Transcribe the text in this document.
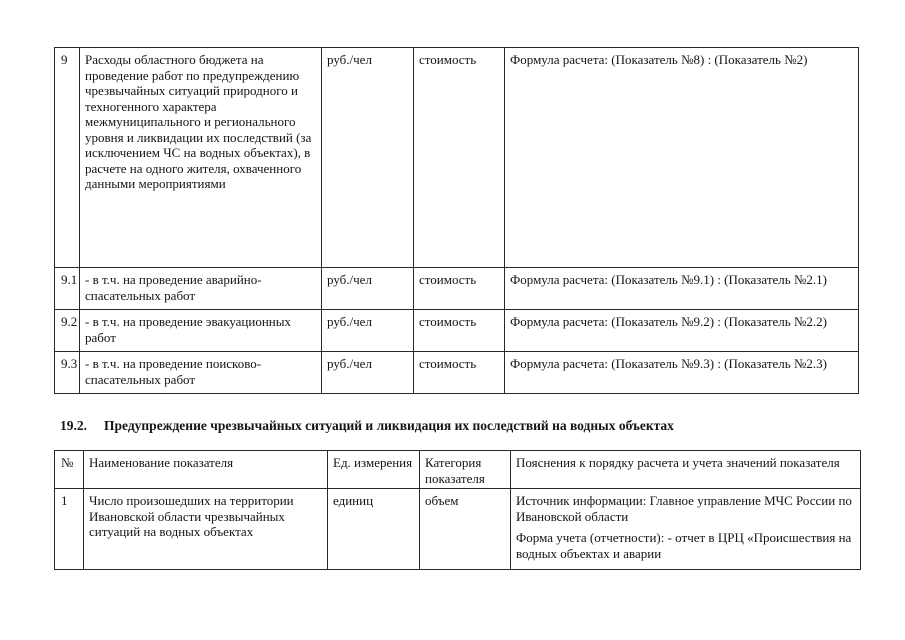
9	Расходы областного бюджета на проведение работ по предупреждению чрезвычайных ситуаций природного и техногенного характера межмуниципального и регионального уровня и ликвидации их последствий (за исключением ЧС на водных объектах), в расчете на одного жителя, охваченного данными мероприятиями	руб./чел	стоимость	Формула расчета: (Показатель №8) : (Показатель №2)
9.1	- в т.ч. на проведение аварийно-спасательных работ	руб./чел	стоимость	Формула расчета: (Показатель №9.1) : (Показатель №2.1)
9.2	- в т.ч. на проведение эвакуационных работ	руб./чел	стоимость	Формула расчета: (Показатель №9.2) : (Показатель №2.2)
9.3	- в т.ч. на проведение поисково-спасательных работ	руб./чел	стоимость	Формула расчета: (Показатель №9.3) : (Показатель №2.3)
19.2. Предупреждение чрезвычайных ситуаций и ликвидация их последствий на водных объектах
№	Наименование показателя	Ед. измерения	Категория показателя	Пояснения к порядку расчета и учета значений показателя
1	Число произошедших на территории Ивановской области чрезвычайных ситуаций на водных объектах	единиц	объем	Источник информации: Главное управление МЧС России по Ивановской области
Форма учета (отчетности): - отчет в ЦРЦ «Происшествия на водных объектах и аварии
